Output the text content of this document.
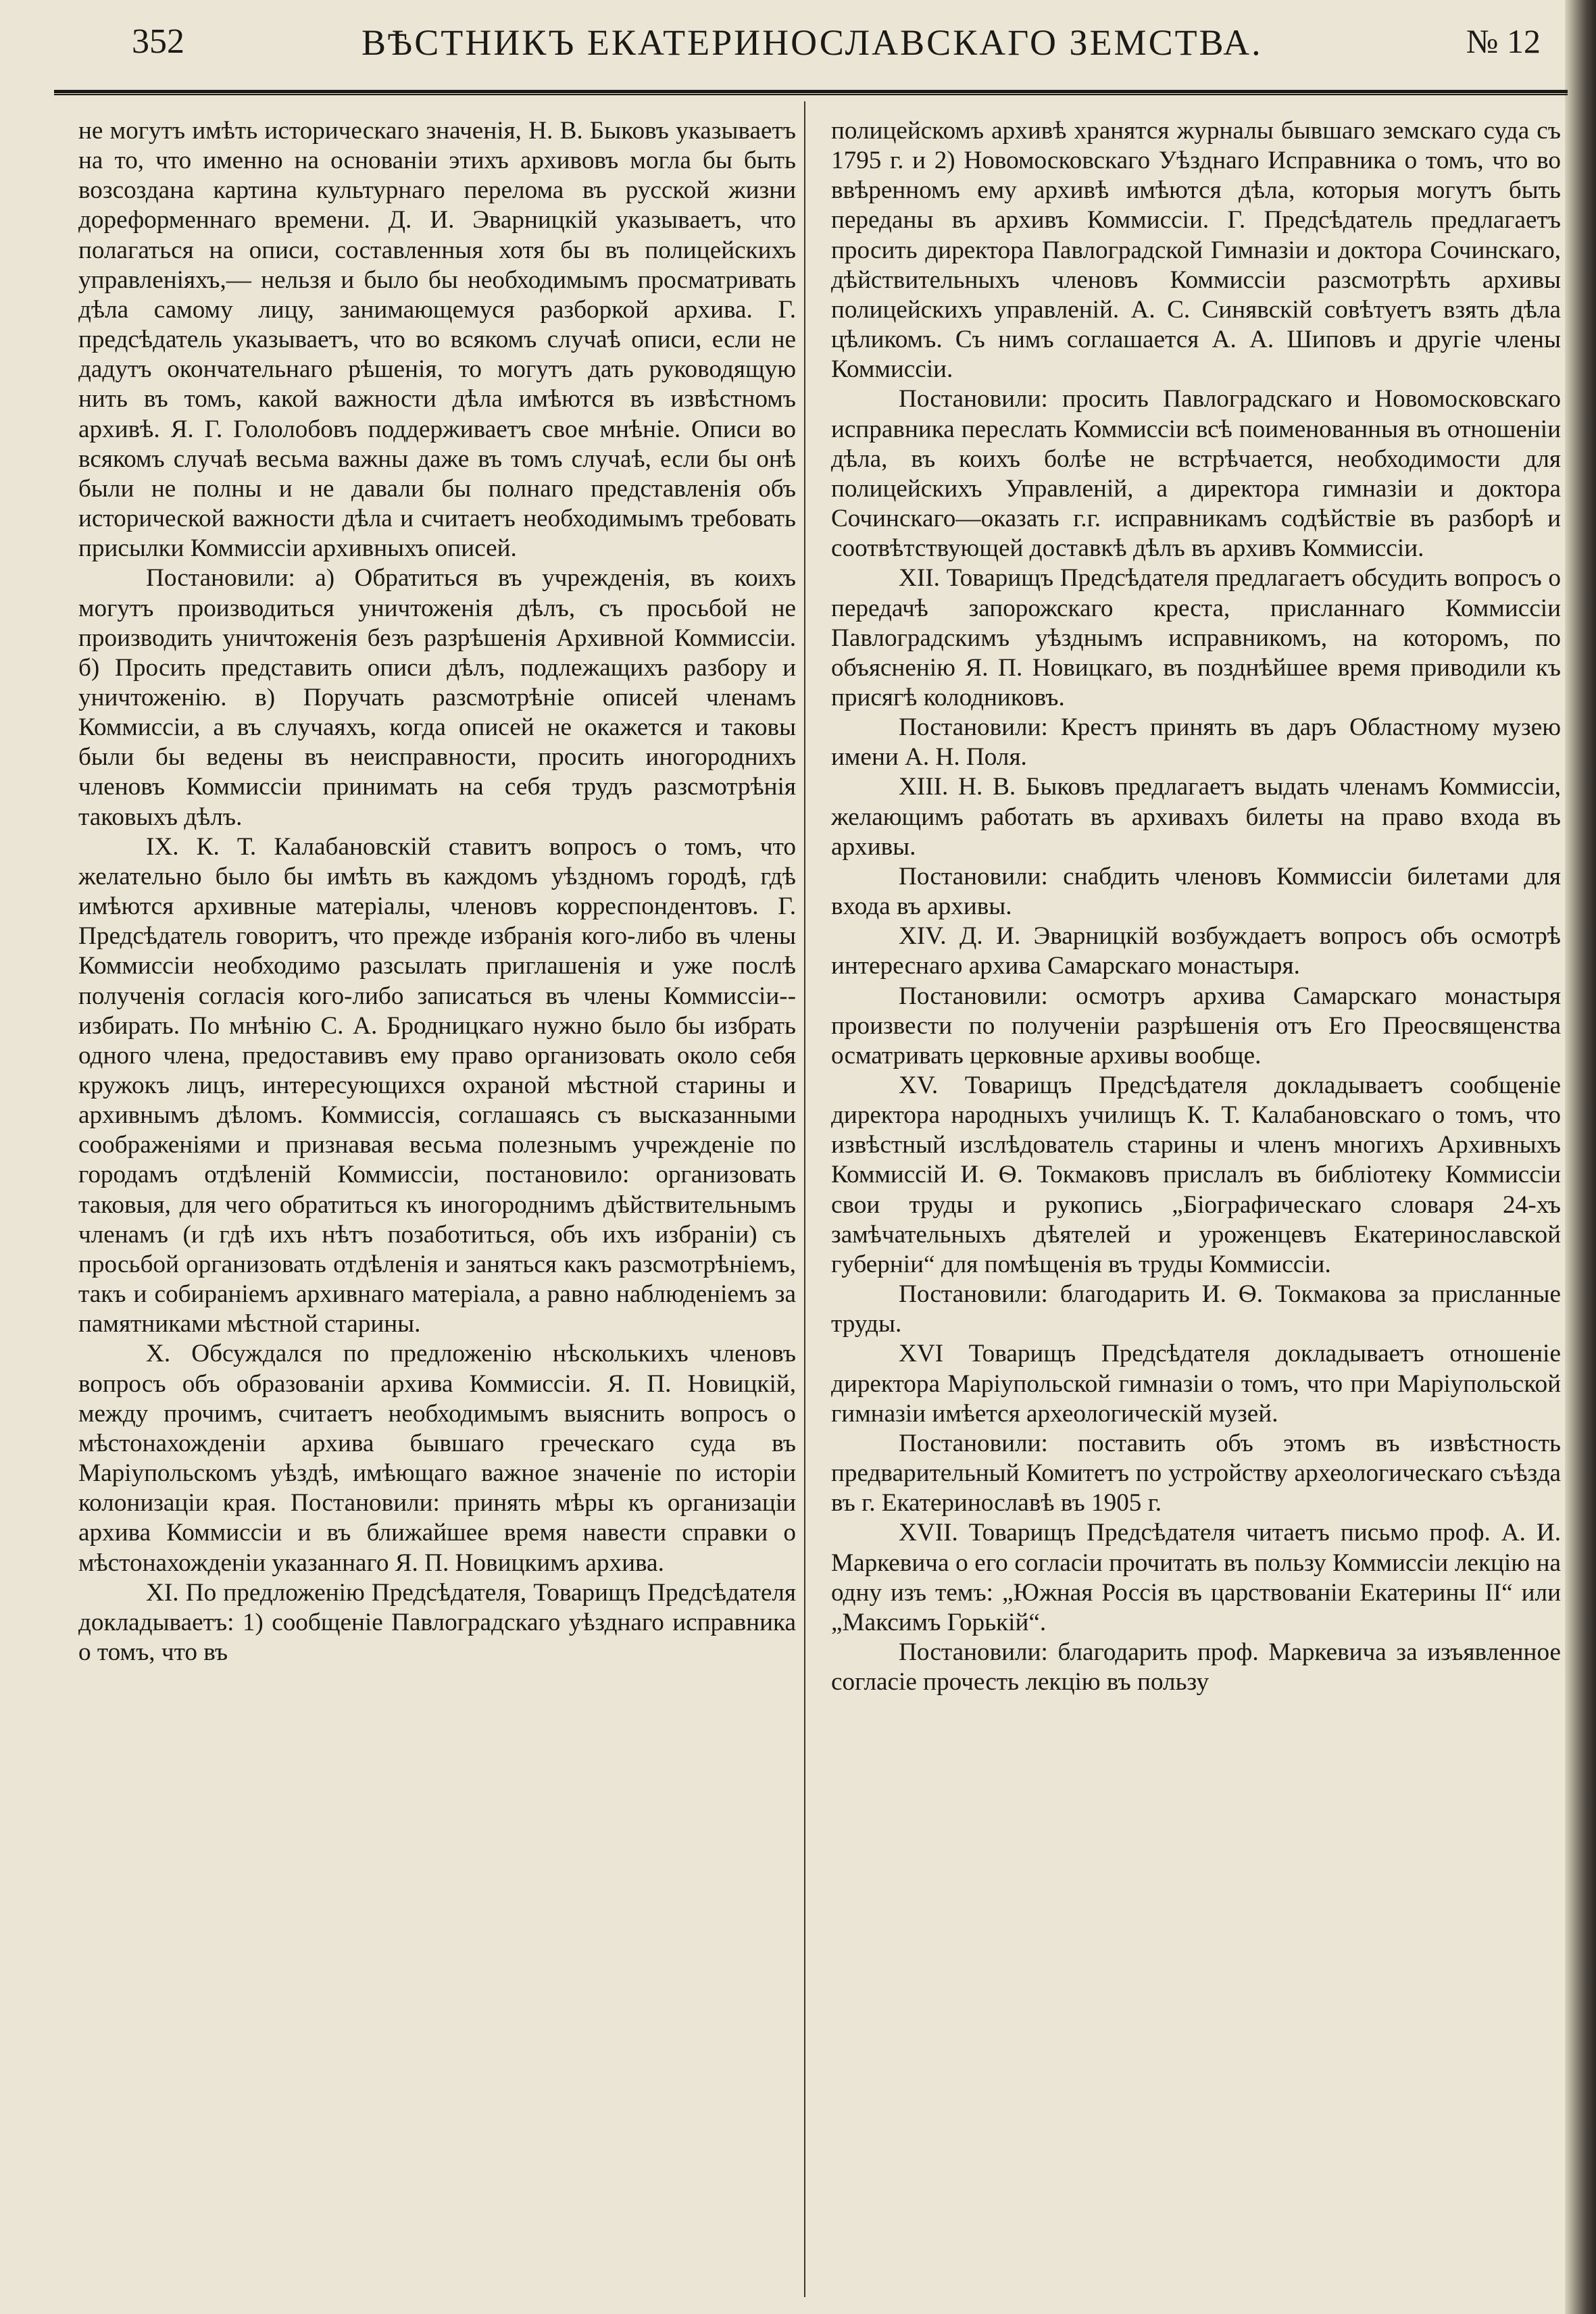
352	ВѢСТНИКЪ ЕКАТЕРИНОСЛАВСКАГО ЗЕМСТВА.	№ 12

не могутъ имѣть историческаго значенія, Н. В. Быковъ указываетъ на то, что именно на основаніи этихъ архивовъ могла бы быть возсоздана картина культурнаго перелома въ русской жизни дореформеннаго времени. Д. И. Эварницкій указываетъ, что полагаться на описи, составленныя хотя бы въ полицейскихъ управленіяхъ,— нельзя и было бы необходимымъ просматривать дѣла самому лицу, занимающемуся разборкой архива. Г. предсѣдатель указываетъ, что во всякомъ случаѣ описи, если не дадутъ окончательнаго рѣшенія, то могутъ дать руководящую нить въ томъ, какой важности дѣла имѣются въ извѣстномъ архивѣ. Я. Г. Гололобовъ поддерживаетъ свое мнѣніе. Описи во всякомъ случаѣ весьма важны даже въ томъ случаѣ, если бы онѣ были не полны и не давали бы полнаго представленія объ исторической важности дѣла и считаетъ необходимымъ требовать присылки Коммиссіи архивныхъ описей.

Постановили: а) Обратиться въ учрежденія, въ коихъ могутъ производиться уничтоженія дѣлъ, съ просьбой не производить уничтоженія безъ разрѣшенія Архивной Коммиссіи. б) Просить представить описи дѣлъ, подлежащихъ разбору и уничтоженію. в) Поручать разсмотрѣніе описей членамъ Коммиссіи, а въ случаяхъ, когда описей не окажется и таковы были бы ведены въ неисправности, просить иногороднихъ членовъ Коммиссіи принимать на себя трудъ разсмотрѣнія таковыхъ дѣлъ.

IX. К. Т. Калабановскій ставитъ вопросъ о томъ, что желательно было бы имѣть въ каждомъ уѣздномъ городѣ, гдѣ имѣются архивные матеріалы, членовъ корреспондентовъ. Г. Предсѣдатель говоритъ, что прежде избранія кого-либо въ члены Коммиссіи необходимо разсылать приглашенія и уже послѣ полученія согласія кого-либо записаться въ члены Коммиссіи--избирать. По мнѣнію С. А. Бродницкаго нужно было бы избрать одного члена, предоставивъ ему право организовать около себя кружокъ лицъ, интересующихся охраной мѣстной старины и архивнымъ дѣломъ. Коммиссія, соглашаясь съ высказанными соображеніями и признавая весьма полезнымъ учрежденіе по городамъ отдѣленій Коммиссіи, постановило: организовать таковыя, для чего обратиться къ иногороднимъ дѣйствительнымъ членамъ (и гдѣ ихъ нѣтъ позаботиться, объ ихъ избраніи) съ просьбой организовать отдѣленія и заняться какъ разсмотрѣніемъ, такъ и собираніемъ архивнаго матеріала, а равно наблюденіемъ за памятниками мѣстной старины.

X. Обсуждался по предложенію нѣсколькихъ членовъ вопросъ объ образованіи архива Коммиссіи. Я. П. Новицкій, между прочимъ, считаетъ необходимымъ выяснить вопросъ о мѣстонахожденіи архива бывшаго греческаго суда въ Маріупольскомъ уѣздѣ, имѣющаго важное значеніе по исторіи колонизаціи края. Постановили: принять мѣры къ организаціи архива Коммиссіи и въ ближайшее время навести справки о мѣстонахожденіи указаннаго Я. П. Новицкимъ архива.

XI. По предложенію Предсѣдателя, Товарищъ Предсѣдателя докладываетъ: 1) сообщеніе Павлоградскаго уѣзднаго исправника о томъ, что въ

полицейскомъ архивѣ хранятся журналы бывшаго земскаго суда съ 1795 г. и 2) Новомосковскаго Уѣзднаго Исправника о томъ, что во ввѣренномъ ему архивѣ имѣются дѣла, которыя могутъ быть переданы въ архивъ Коммиссіи. Г. Предсѣдатель предлагаетъ просить директора Павлоградской Гимназіи и доктора Сочинскаго, дѣйствительныхъ членовъ Коммиссіи разсмотрѣть архивы полицейскихъ управленій. А. С. Синявскій совѣтуетъ взять дѣла цѣликомъ. Съ нимъ соглашается А. А. Шиповъ и другіе члены Коммиссіи.

Постановили: просить Павлоградскаго и Новомосковскаго исправника переслать Коммиссіи всѣ поименованныя въ отношеніи дѣла, въ коихъ болѣе не встрѣчается, необходимости для полицейскихъ Управленій, а директора гимназіи и доктора Сочинскаго—оказать г.г. исправникамъ содѣйствіе въ разборѣ и соотвѣтствующей доставкѣ дѣлъ въ архивъ Коммиссіи.

XII. Товарищъ Предсѣдателя предлагаетъ обсудить вопросъ о передачѣ запорожскаго креста, присланнаго Коммиссіи Павлоградскимъ уѣзднымъ исправникомъ, на которомъ, по объясненію Я. П. Новицкаго, въ позднѣйшее время приводили къ присягѣ колодниковъ.

Постановили: Крестъ принять въ даръ Областному музею имени А. Н. Поля.

XIII. Н. В. Быковъ предлагаетъ выдать членамъ Коммиссіи, желающимъ работать въ архивахъ билеты на право входа въ архивы.

Постановили: снабдить членовъ Коммиссіи билетами для входа въ архивы.

XIV. Д. И. Эварницкій возбуждаетъ вопросъ объ осмотрѣ интереснаго архива Самарскаго монастыря.

Постановили: осмотръ архива Самарскаго монастыря произвести по полученіи разрѣшенія отъ Его Преосвященства осматривать церковные архивы вообще.

XV. Товарищъ Предсѣдателя докладываетъ сообщеніе директора народныхъ училищъ К. Т. Калабановскаго о томъ, что извѣстный изслѣдователь старины и членъ многихъ Архивныхъ Коммиссій И. Ѳ. Токмаковъ прислалъ въ библіотеку Коммиссіи свои труды и рукопись „Біографическаго словаря 24-хъ замѣчательныхъ дѣятелей и уроженцевъ Екатеринославской губерніи“ для помѣщенія въ труды Коммиссіи.

Постановили: благодарить И. Ѳ. Токмакова за присланные труды.

XVI Товарищъ Предсѣдателя докладываетъ отношеніе директора Маріупольской гимназіи о томъ, что при Маріупольской гимназіи имѣется археологическій музей.

Постановили: поставить объ этомъ въ извѣстность предварительный Комитетъ по устройству археологическаго съѣзда въ г. Екатеринославѣ въ 1905 г.

XVII. Товарищъ Предсѣдателя читаетъ письмо проф. А. И. Маркевича о его согласіи прочитать въ пользу Коммиссіи лекцію на одну изъ темъ: „Южная Россія въ царствованіи Екатерины II“ или „Максимъ Горькій“.

Постановили: благодарить проф. Маркевича за изъявленное согласіе прочесть лекцію въ пользу
